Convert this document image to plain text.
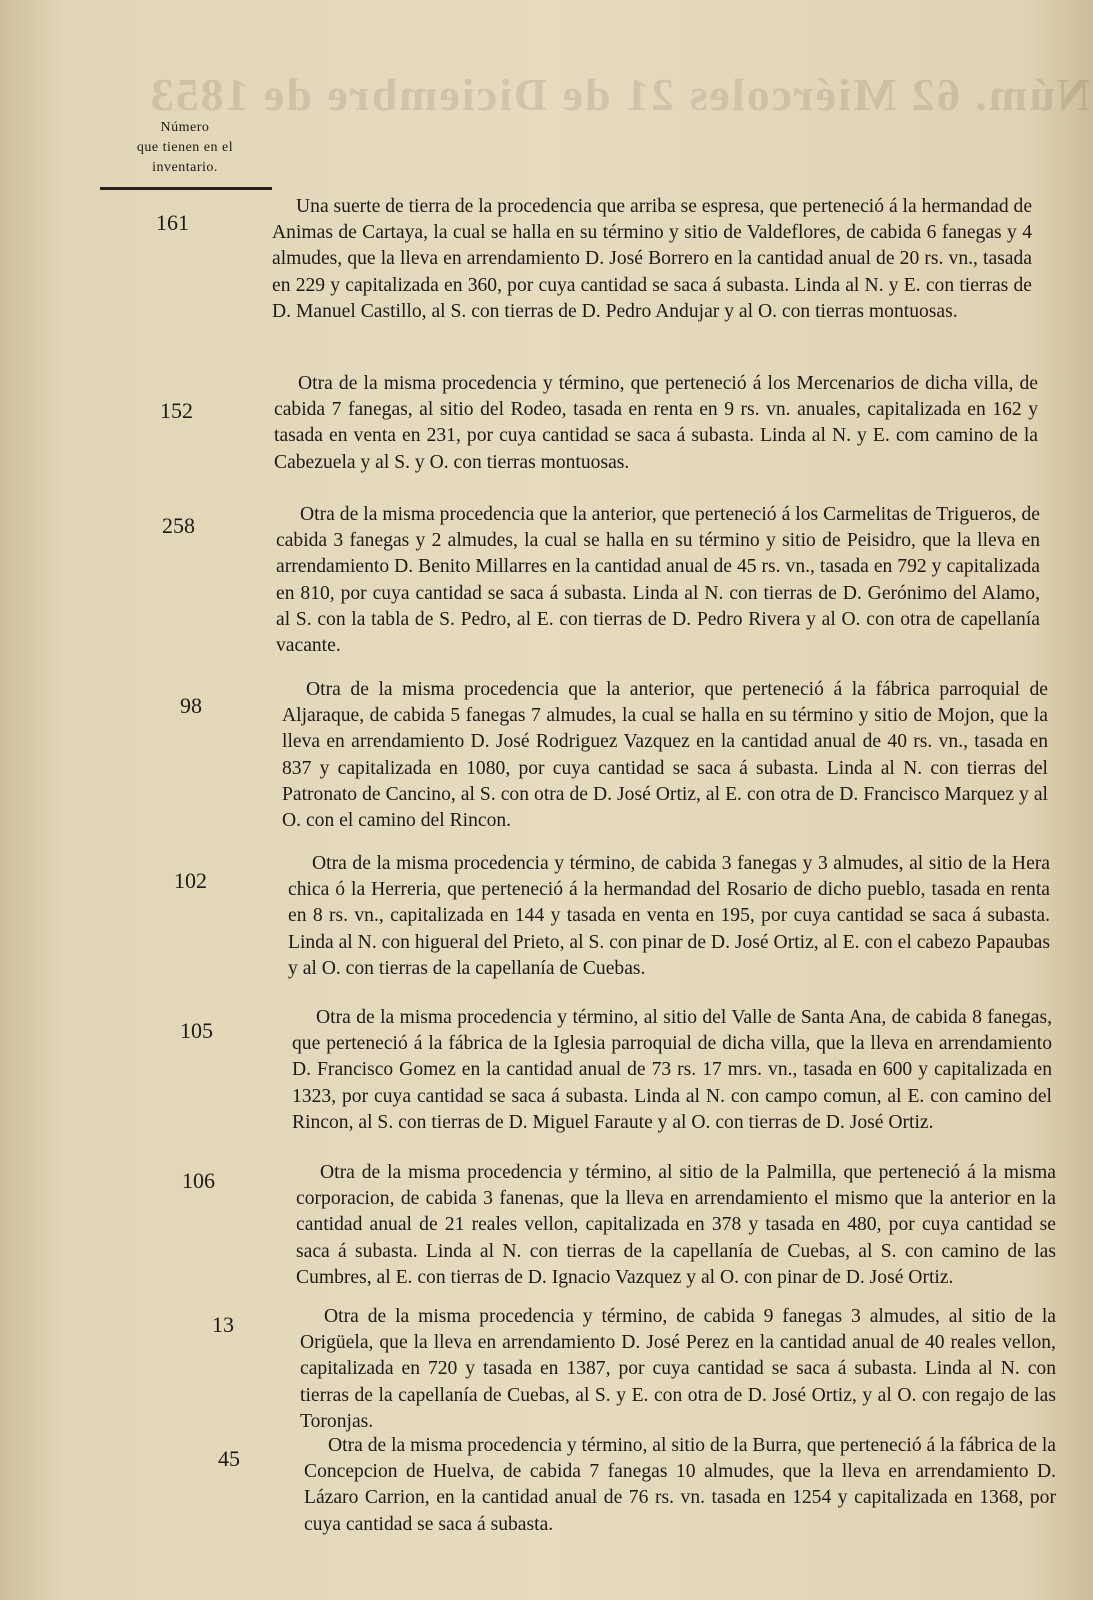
Núm. 62 Miércoles 21 de Diciembre de 1853
Número
que tienen en el
inventario.
161
Una suerte de tierra de la procedencia que arriba se espresa, que perteneció á la hermandad de Animas de Cartaya, la cual se halla en su término y sitio de Valdeflores, de cabida 6 fanegas y 4 almudes, que la lleva en arrendamiento D. José Borrero en la cantidad anual de 20 rs. vn., tasada en 229 y capitalizada en 360, por cuya cantidad se saca á subasta. Linda al N. y E. con tierras de D. Manuel Castillo, al S. con tierras de D. Pedro Andujar y al O. con tierras montuosas.
152
Otra de la misma procedencia y término, que perteneció á los Mercenarios de dicha villa, de cabida 7 fanegas, al sitio del Rodeo, tasada en renta en 9 rs. vn. anuales, capitalizada en 162 y tasada en venta en 231, por cuya cantidad se saca á subasta. Linda al N. y E. com camino de la Cabezuela y al S. y O. con tierras montuosas.
258	Otra de la misma procedencia que la anterior, que perteneció á los Carmelitas de Trigueros, de cabida 3 fanegas y 2 almudes, la cual se halla en su término y sitio de Peisidro, que la lleva en arrendamiento D. Benito Millarres en la cantidad anual de 45 rs. vn., tasada en 792 y capitalizada en 810, por cuya cantidad se saca á subasta. Linda al N. con tierras de D. Gerónimo del Alamo, al S. con la tabla de S. Pedro, al E. con tierras de D. Pedro Rivera y al O. con otra de capellanía vacante.
98
Otra de la misma procedencia que la anterior, que perteneció á la fábrica parroquial de Aljaraque, de cabida 5 fanegas 7 almudes, la cual se halla en su término y sitio de Mojon, que la lleva en arrendamiento D. José Rodriguez Vazquez en la cantidad anual de 40 rs. vn., tasada en 837 y capitalizada en 1080, por cuya cantidad se saca á subasta. Linda al N. con tierras del Patronato de Cancino, al S. con otra de D. José Ortiz, al E. con otra de D. Francisco Marquez y al O. con el camino del Rincon.
102
Otra de la misma procedencia y término, de cabida 3 fanegas y 3 almudes, al sitio de la Hera chica ó la Herreria, que perteneció á la hermandad del Rosario de dicho pueblo, tasada en renta en 8 rs. vn., capitalizada en 144 y tasada en venta en 195, por cuya cantidad se saca á subasta. Linda al N. con higueral del Prieto, al S. con pinar de D. José Ortiz, al E. con el cabezo Papaubas y al O. con tierras de la capellanía de Cuebas.
105
Otra de la misma procedencia y término, al sitio del Valle de Santa Ana, de cabida 8 fanegas, que perteneció á la fábrica de la Iglesia parroquial de dicha villa, que la lleva en arrendamiento D. Francisco Gomez en la cantidad anual de 73 rs. 17 mrs. vn., tasada en 600 y capitalizada en 1323, por cuya cantidad se saca á subasta. Linda al N. con campo comun, al E. con camino del Rincon, al S. con tierras de D. Miguel Faraute y al O. con tierras de D. José Ortiz.
106	Otra de la misma procedencia y término, al sitio de la Palmilla, que perteneció á la misma corporacion, de cabida 3 fanenas, que la lleva en arrendamiento el mismo que la anterior en la cantidad anual de 21 reales vellon, capitalizada en 378 y tasada en 480, por cuya cantidad se saca á subasta. Linda al N. con tierras de la capellanía de Cuebas, al S. con camino de las Cumbres, al E. con tierras de D. Ignacio Vazquez y al O. con pinar de D. José Ortiz.
13	Otra de la misma procedencia y término, de cabida 9 fanegas 3 almudes, al sitio de la Origüela, que la lleva en arrendamiento D. José Perez en la cantidad anual de 40 reales vellon, capitalizada en 720 y tasada en 1387, por cuya cantidad se saca á subasta. Linda al N. con tierras de la capellanía de Cuebas, al S. y E. con otra de D. José Ortiz, y al O. con regajo de las Toronjas.
45
Otra de la misma procedencia y término, al sitio de la Burra, que perteneció á la fábrica de la Concepcion de Huelva, de cabida 7 fanegas 10 almudes, que la lleva en arrendamiento D. Lázaro Carrion, en la cantidad anual de 76 rs. vn. tasada en 1254 y capitalizada en 1368, por cuya cantidad se saca á subasta.
